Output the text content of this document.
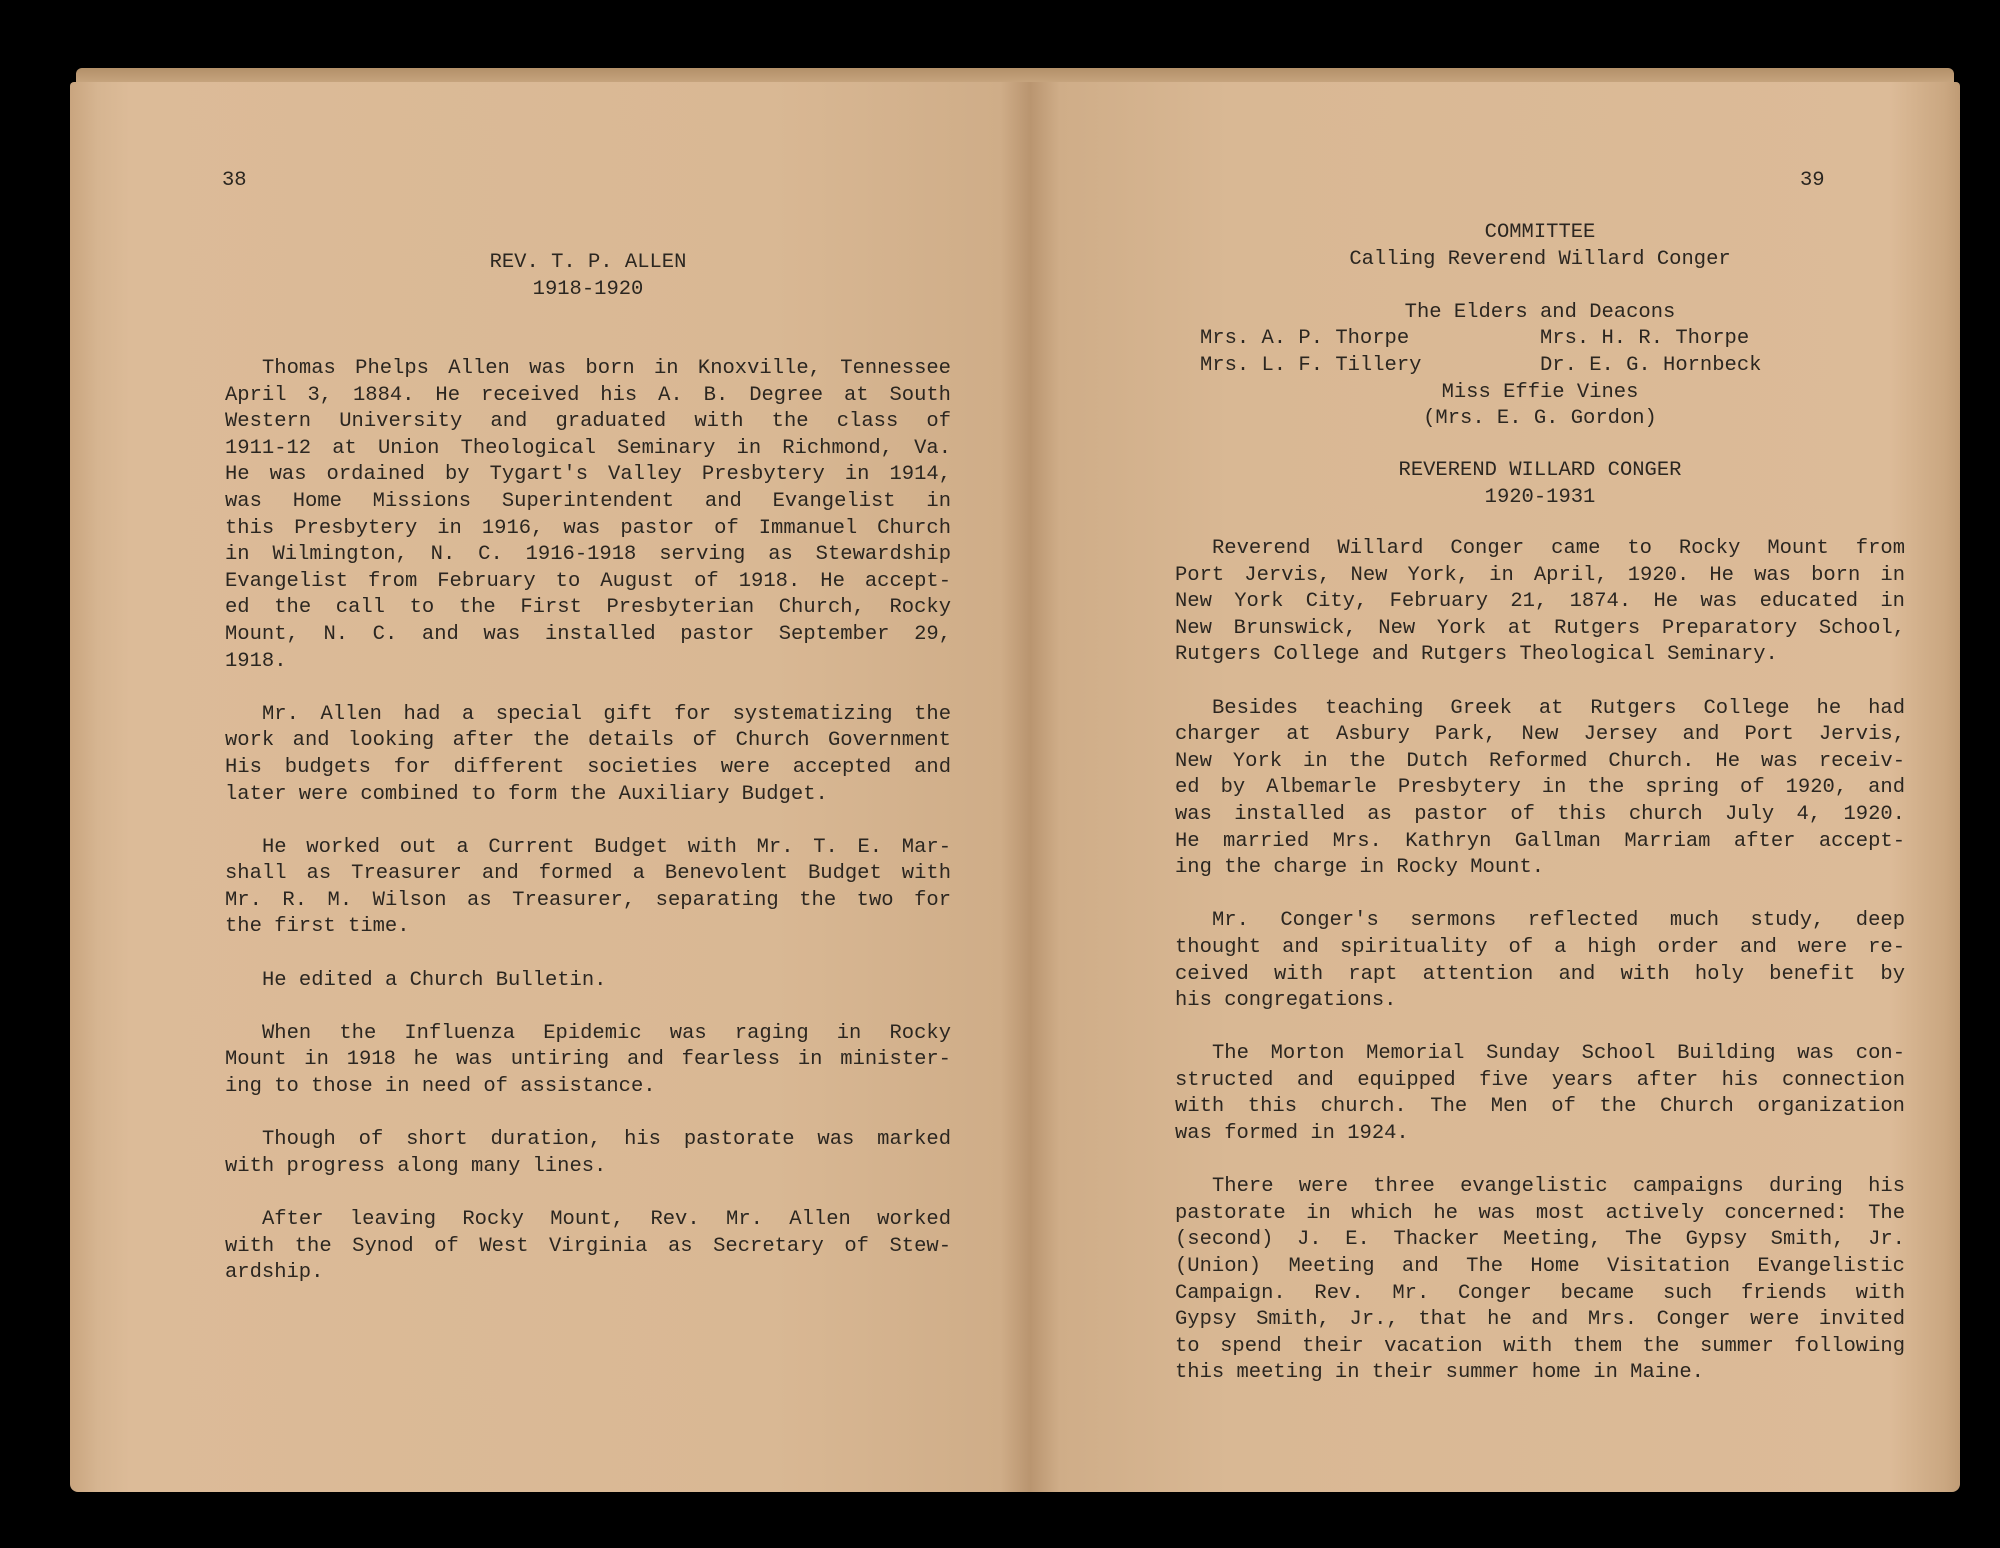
38
REV. T. P. ALLEN
1918-1920
Thomas Phelps Allen was born in Knoxville, Tennessee
April 3, 1884. He received his A. B. Degree at South
Western University and graduated with the class of
1911-12 at Union Theological Seminary in Richmond, Va.
He was ordained by Tygart's Valley Presbytery in 1914,
was Home Missions Superintendent and Evangelist in
this Presbytery in 1916, was pastor of Immanuel Church
in Wilmington, N. C. 1916-1918 serving as Stewardship
Evangelist from February to August of 1918. He accept-
ed the call to the First Presbyterian Church, Rocky
Mount, N. C. and was installed pastor September 29,
1918.
Mr. Allen had a special gift for systematizing the
work and looking after the details of Church Government
His budgets for different societies were accepted and
later were combined to form the Auxiliary Budget.
He worked out a Current Budget with Mr. T. E. Mar-
shall as Treasurer and formed a Benevolent Budget with
Mr. R. M. Wilson as Treasurer, separating the two for
the first time.
He edited a Church Bulletin.
When the Influenza Epidemic was raging in Rocky
Mount in 1918 he was untiring and fearless in minister-
ing to those in need of assistance.
Though of short duration, his pastorate was marked
with progress along many lines.
After leaving Rocky Mount, Rev. Mr. Allen worked
with the Synod of West Virginia as Secretary of Stew-
ardship.
39
COMMITTEE
Calling Reverend Willard Conger
The Elders and Deacons
Mrs. A. P. Thorpe	Mrs. H. R. Thorpe
Mrs. L. F. Tillery	Dr. E. G. Hornbeck
Miss Effie Vines
(Mrs. E. G. Gordon)
REVEREND WILLARD CONGER
1920-1931
Reverend Willard Conger came to Rocky Mount from
Port Jervis, New York, in April, 1920. He was born in
New York City, February 21, 1874. He was educated in
New Brunswick, New York at Rutgers Preparatory School,
Rutgers College and Rutgers Theological Seminary.
Besides teaching Greek at Rutgers College he had
charger at Asbury Park, New Jersey and Port Jervis,
New York in the Dutch Reformed Church. He was receiv-
ed by Albemarle Presbytery in the spring of 1920, and
was installed as pastor of this church July 4, 1920.
He married Mrs. Kathryn Gallman Marriam after accept-
ing the charge in Rocky Mount.
Mr. Conger's sermons reflected much study, deep
thought and spirituality of a high order and were re-
ceived with rapt attention and with holy benefit by
his congregations.
The Morton Memorial Sunday School Building was con-
structed and equipped five years after his connection
with this church. The Men of the Church organization
was formed in 1924.
There were three evangelistic campaigns during his
pastorate in which he was most actively concerned: The
(second) J. E. Thacker Meeting, The Gypsy Smith, Jr.
(Union) Meeting and The Home Visitation Evangelistic
Campaign. Rev. Mr. Conger became such friends with
Gypsy Smith, Jr., that he and Mrs. Conger were invited
to spend their vacation with them the summer following
this meeting in their summer home in Maine.
